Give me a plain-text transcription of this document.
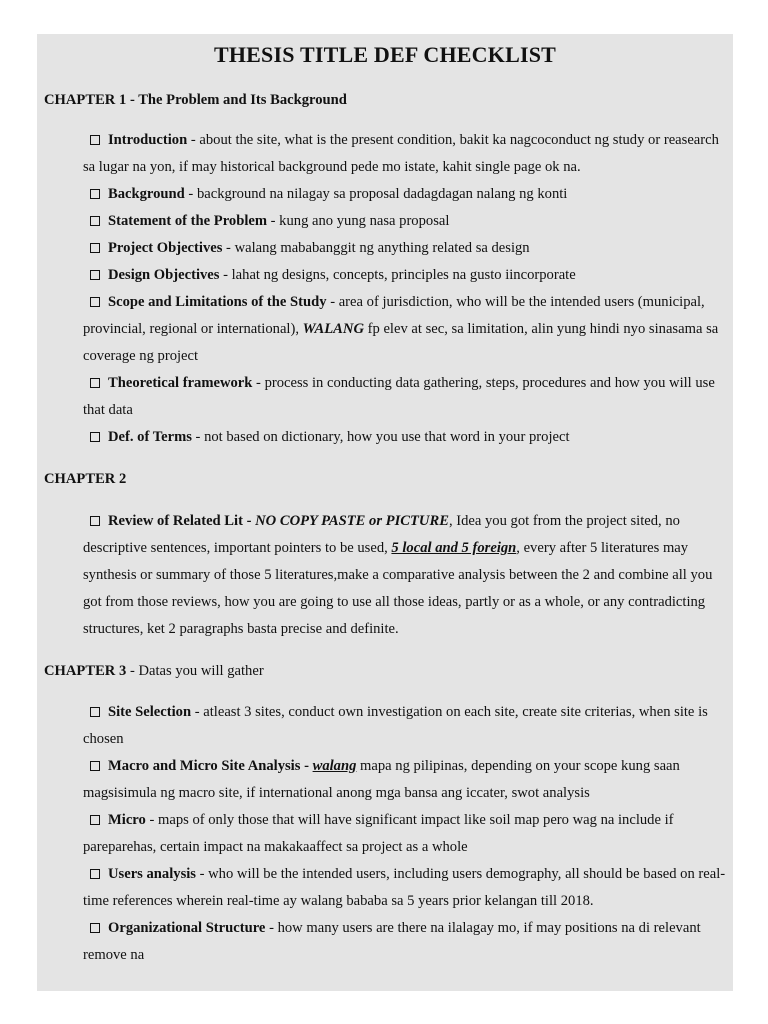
THESIS TITLE DEF CHECKLIST
CHAPTER 1 - The Problem and Its Background
Introduction - about the site, what is the present condition, bakit ka nagcoconduct ng study or reasearch sa lugar na yon, if may historical background pede mo istate, kahit single page ok na.
Background - background na nilagay sa proposal dadagdagan nalang ng konti
Statement of the Problem - kung ano yung nasa proposal
Project Objectives - walang mababanggit ng anything related sa design
Design Objectives - lahat ng designs, concepts, principles na gusto iincorporate
Scope and Limitations of the Study - area of jurisdiction, who will be the intended users (municipal, provincial, regional or international), WALANG fp elev at sec, sa limitation, alin yung hindi nyo sinasama sa coverage ng project
Theoretical framework - process in conducting data gathering, steps, procedures and how you will use that data
Def. of Terms - not based on dictionary, how you use that word in your project
CHAPTER 2
Review of Related Lit - NO COPY PASTE or PICTURE, Idea you got from the project sited, no descriptive sentences, important pointers to be used, 5 local and 5 foreign, every after 5 literatures may synthesis or summary of those 5 literatures,make a comparative analysis between the 2 and combine all you got from those reviews, how you are going to use all those ideas, partly or as a whole, or any contradicting structures, ket 2 paragraphs basta precise and definite.
CHAPTER 3 - Datas you will gather
Site Selection - atleast 3 sites, conduct own investigation on each site, create site criterias, when site is chosen
Macro and Micro Site Analysis - walang mapa ng pilipinas, depending on your scope kung saan magsisimula ng macro site, if international anong mga bansa ang iccater, swot analysis
Micro - maps of only those that will have significant impact like soil map pero wag na include if pareparehas, certain impact na makakaaffect sa project as a whole
Users analysis - who will be the intended users, including users demography, all should be based on real-time references wherein real-time ay walang bababa sa 5 years prior kelangan till 2018.
Organizational Structure - how many users are there na ilalagay mo, if may positions na di relevant remove na
